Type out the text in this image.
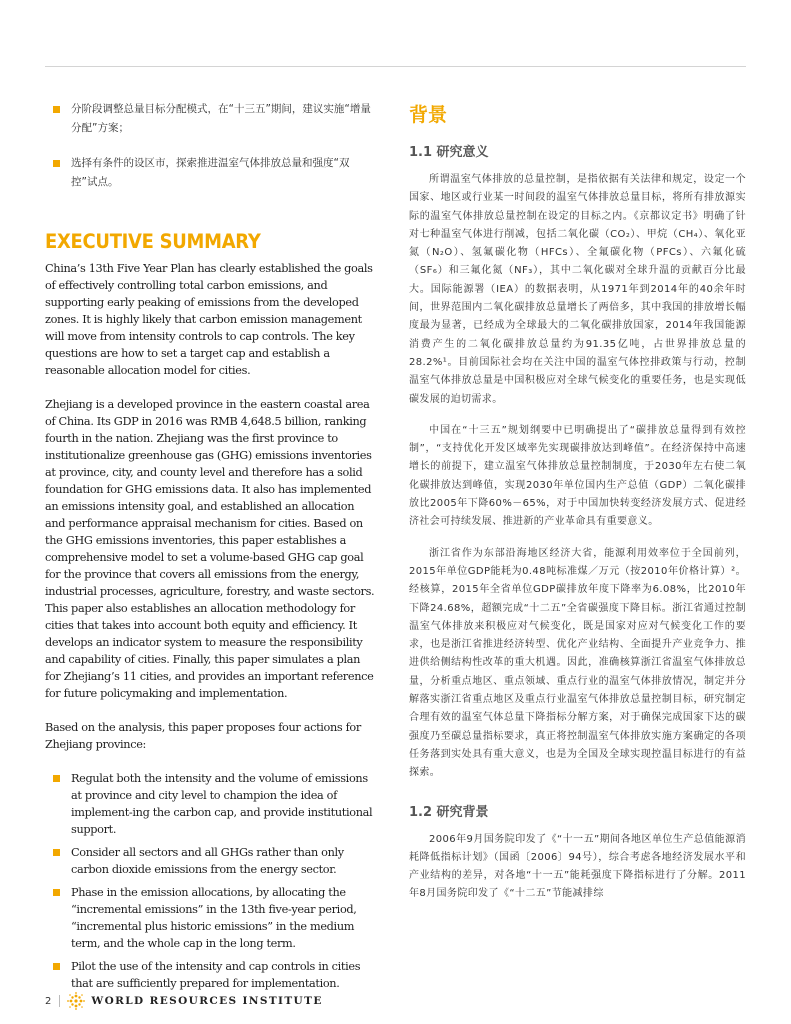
分阶段调整总量目标分配模式，在“十三五”期间，建议实施“增量分配”方案；
选择有条件的设区市，探索推进温室气体排放总量和强度“双控”试点。
EXECUTIVE SUMMARY

China’s 13th Five Year Plan has clearly established the goals of effectively controlling total carbon emissions, and supporting early peaking of emissions from the developed zones. It is highly likely that carbon emission management will move from intensity controls to cap controls. The key questions are how to set a target cap and establish a reasonable allocation model for cities.

Zhejiang is a developed province in the eastern coastal area of China. Its GDP in 2016 was RMB 4,648.5 billion, ranking fourth in the nation. Zhejiang was the first province to institutionalize greenhouse gas (GHG) emissions inventories at province, city, and county level and therefore has a solid foundation for GHG emissions data. It also has implemented an emissions intensity goal, and established an allocation and performance appraisal mechanism for cities. Based on the GHG emissions inventories, this paper establishes a comprehensive model to set a volume-based GHG cap goal for the province that covers all emissions from the energy, industrial processes, agriculture, forestry, and waste sectors. This paper also establishes an allocation methodology for cities that takes into account both equity and efficiency. It develops an indicator system to measure the responsibility and capability of cities. Finally, this paper simulates a plan for Zhejiang’s 11 cities, and provides an important reference for future policymaking and implementation.

Based on the analysis, this paper proposes four actions for Zhejiang province:

Regulat both the intensity and the volume of emissions at province and city level to champion the idea of implement-ing the carbon cap, and provide institutional support.
Consider all sectors and all GHGs rather than only carbon dioxide emissions from the energy sector.
Phase in the emission allocations, by allocating the “incremental emissions” in the 13th five-year period, “incremental plus historic emissions” in the medium term, and the whole cap in the long term.
Pilot the use of the intensity and cap controls in cities that are sufficiently prepared for implementation.
背景
1.1 研究意义

所谓温室气体排放的总量控制，是指依据有关法律和规定，设定一个国家、地区或行业某一时间段的温室气体排放总量目标，将所有排放源实际的温室气体排放总量控制在设定的目标之内。《京都议定书》明确了针对七种温室气体进行削减，包括二氧化碳（CO₂）、甲烷（CH₄）、氧化亚氮（N₂O）、氢氟碳化物（HFCs）、全氟碳化物（PFCs）、六氟化硫（SF₆）和三氟化氮（NF₃），其中二氧化碳对全球升温的贡献百分比最大。国际能源署（IEA）的数据表明，从1971年到2014年的40余年时间，世界范围内二氧化碳排放总量增长了两倍多，其中我国的排放增长幅度最为显著，已经成为全球最大的二氧化碳排放国家，2014年我国能源消费产生的二氧化碳排放总量约为91.35亿吨，占世界排放总量的28.2%¹。目前国际社会均在关注中国的温室气体控排政策与行动，控制温室气体排放总量是中国积极应对全球气候变化的重要任务，也是实现低碳发展的迫切需求。

中国在“十三五”规划纲要中已明确提出了“碳排放总量得到有效控制”，“支持优化开发区域率先实现碳排放达到峰值”。在经济保持中高速增长的前提下，建立温室气体排放总量控制制度，于2030年左右使二氧化碳排放达到峰值，实现2030年单位国内生产总值（GDP）二氧化碳排放比2005年下降60%－65%，对于中国加快转变经济发展方式、促进经济社会可持续发展、推进新的产业革命具有重要意义。

浙江省作为东部沿海地区经济大省，能源利用效率位于全国前列，2015年单位GDP能耗为0.48吨标准煤／万元（按2010年价格计算）²。经核算，2015年全省单位GDP碳排放年度下降率为6.08%，比2010年下降24.68%，超额完成“十二五”全省碳强度下降目标。浙江省通过控制温室气体排放来积极应对气候变化，既是国家对应对气候变化工作的要求，也是浙江省推进经济转型、优化产业结构、全面提升产业竞争力、推进供给侧结构性改革的重大机遇。因此，准确核算浙江省温室气体排放总量，分析重点地区、重点领域、重点行业的温室气体排放情况，制定并分解落实浙江省重点地区及重点行业温室气体排放总量控制目标，研究制定合理有效的温室气体总量下降指标分解方案，对于确保完成国家下达的碳强度乃至碳总量指标要求，真正将控制温室气体排放实施方案确定的各项任务落到实处具有重大意义，也是为全国及全球实现控温目标进行的有益探索。

1.2 研究背景

2006年9月国务院印发了《“十一五”期间各地区单位生产总值能源消耗降低指标计划》（国函〔2006〕94号），综合考虑各地经济发展水平和产业结构的差异，对各地“十一五”能耗强度下降指标进行了分解。2011年8月国务院印发了《“十二五”节能减排综

2	WORLD RESOURCES INSTITUTE
